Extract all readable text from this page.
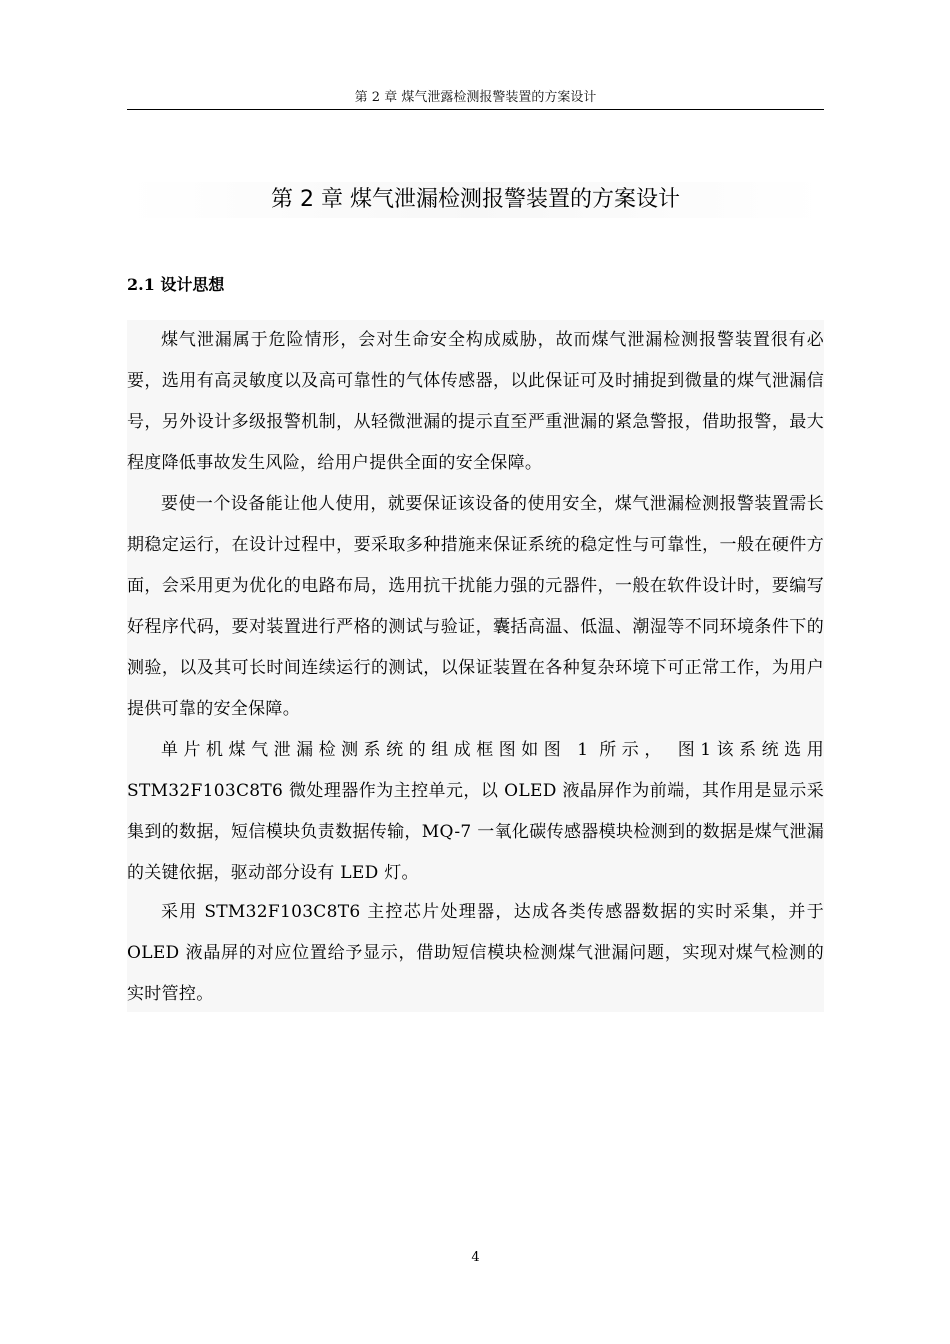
第 2 章 煤气泄露检测报警装置的方案设计
第 2 章 煤气泄漏检测报警装置的方案设计
2.1 设计思想

煤气泄漏属于危险情形，会对生命安全构成威胁，故而煤气泄漏检测报警装置很有必要，选用有高灵敏度以及高可靠性的气体传感器，以此保证可及时捕捉到微量的煤气泄漏信号，另外设计多级报警机制，从轻微泄漏的提示直至严重泄漏的紧急警报，借助报警，最大程度降低事故发生风险，给用户提供全面的安全保障。

要使一个设备能让他人使用，就要保证该设备的使用安全，煤气泄漏检测报警装置需长期稳定运行，在设计过程中，要采取多种措施来保证系统的稳定性与可靠性，一般在硬件方面，会采用更为优化的电路布局，选用抗干扰能力强的元器件，一般在软件设计时，要编写好程序代码，要对装置进行严格的测试与验证，囊括高温、低温、潮湿等不同环境条件下的测验，以及其可长时间连续运行的测试，以保证装置在各种复杂环境下可正常工作，为用户提供可靠的安全保障。

单片机煤气泄漏检测系统的组成框图如图 1 所示， 图1该系统选用 STM32F103C8T6 微处理器作为主控单元，以 OLED 液晶屏作为前端，其作用是显示采集到的数据，短信模块负责数据传输，MQ-7 一氧化碳传感器模块检测到的数据是煤气泄漏的关键依据，驱动部分设有 LED 灯。

采用 STM32F103C8T6 主控芯片处理器，达成各类传感器数据的实时采集，并于 OLED 液晶屏的对应位置给予显示，借助短信模块检测煤气泄漏问题，实现对煤气检测的实时管控。

4
